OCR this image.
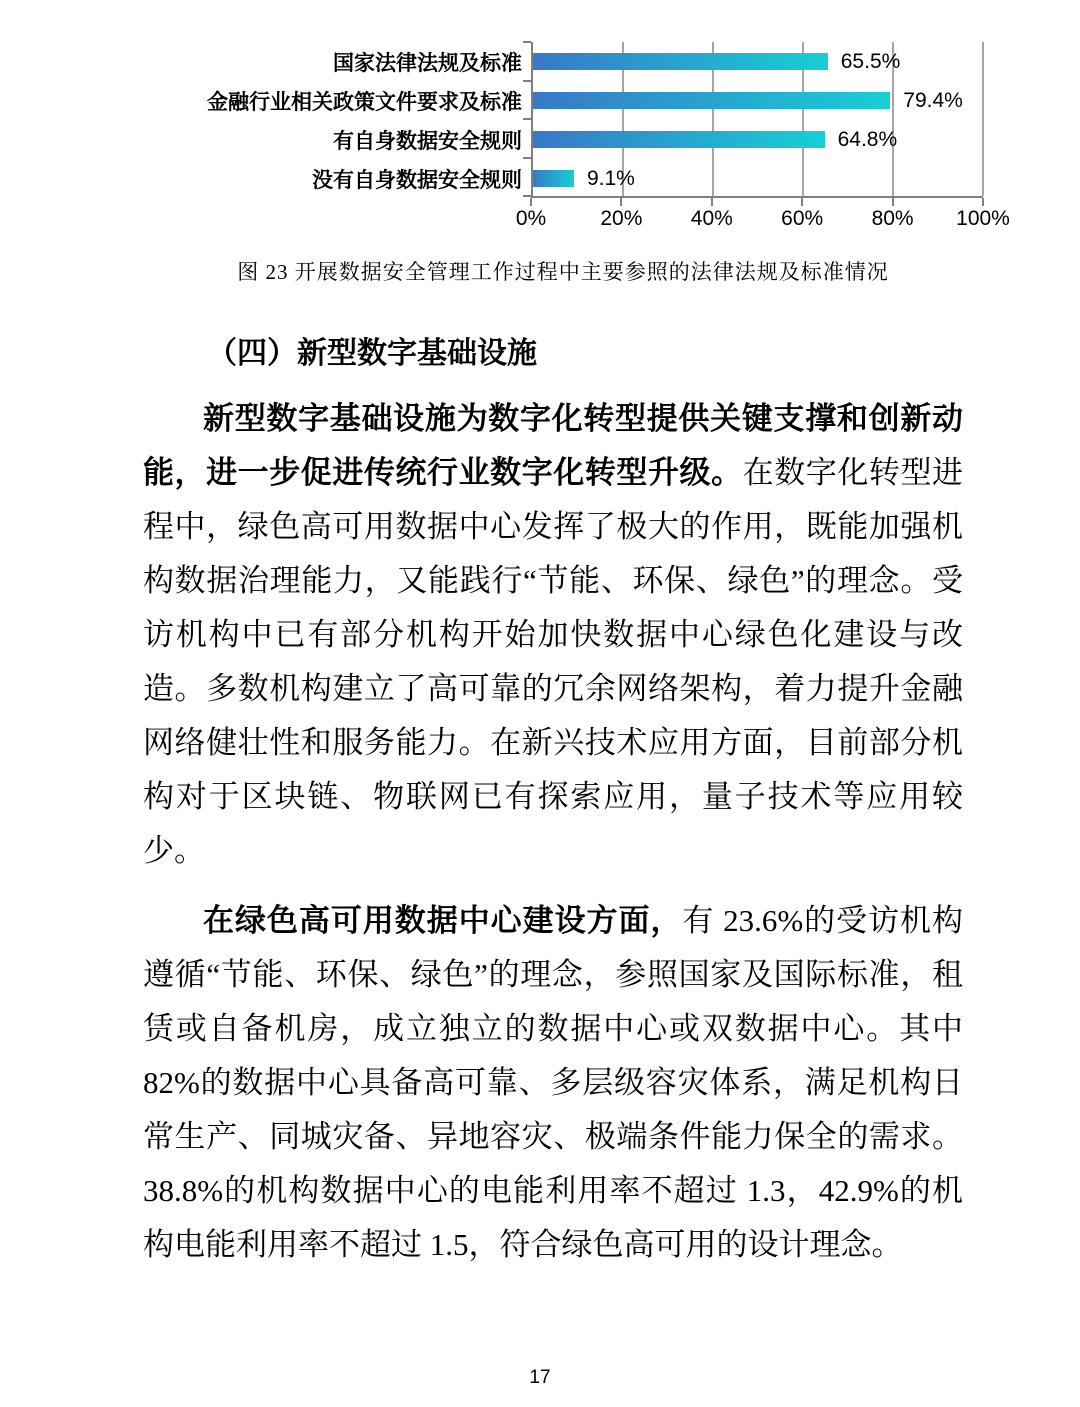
国家法律法规及标准
金融行业相关政策文件要求及标准
有自身数据安全规则
没有自身数据安全规则
65.5%
79.4%
64.8%
9.1%
0%	20% 40% 60% 80% 100%
图 23 开展数据安全管理工作过程中主要参照的法律法规及标准情况
（四）新型数字基础设施

新型数字基础设施为数字化转型提供关键支撑和创新动能，进一步促进传统行业数字化转型升级。在数字化转型进程中，绿色高可用数据中心发挥了极大的作用，既能加强机构数据治理能力，又能践行“节能、环保、绿色”的理念。受访机构中已有部分机构开始加快数据中心绿色化建设与改造。多数机构建立了高可靠的冗余网络架构，着力提升金融网络健壮性和服务能力。在新兴技术应用方面，目前部分机构对于区块链、物联网已有探索应用，量子技术等应用较少。

在绿色高可用数据中心建设方面，有 23.6%的受访机构遵循“节能、环保、绿色”的理念，参照国家及国际标准，租赁或自备机房，成立独立的数据中心或双数据中心。其中 82%的数据中心具备高可靠、多层级容灾体系，满足机构日常生产、同城灾备、异地容灾、极端条件能力保全的需求。38.8%的机构数据中心的电能利用率不超过 1.3，42.9%的机构电能利用率不超过 1.5，符合绿色高可用的设计理念。

17
